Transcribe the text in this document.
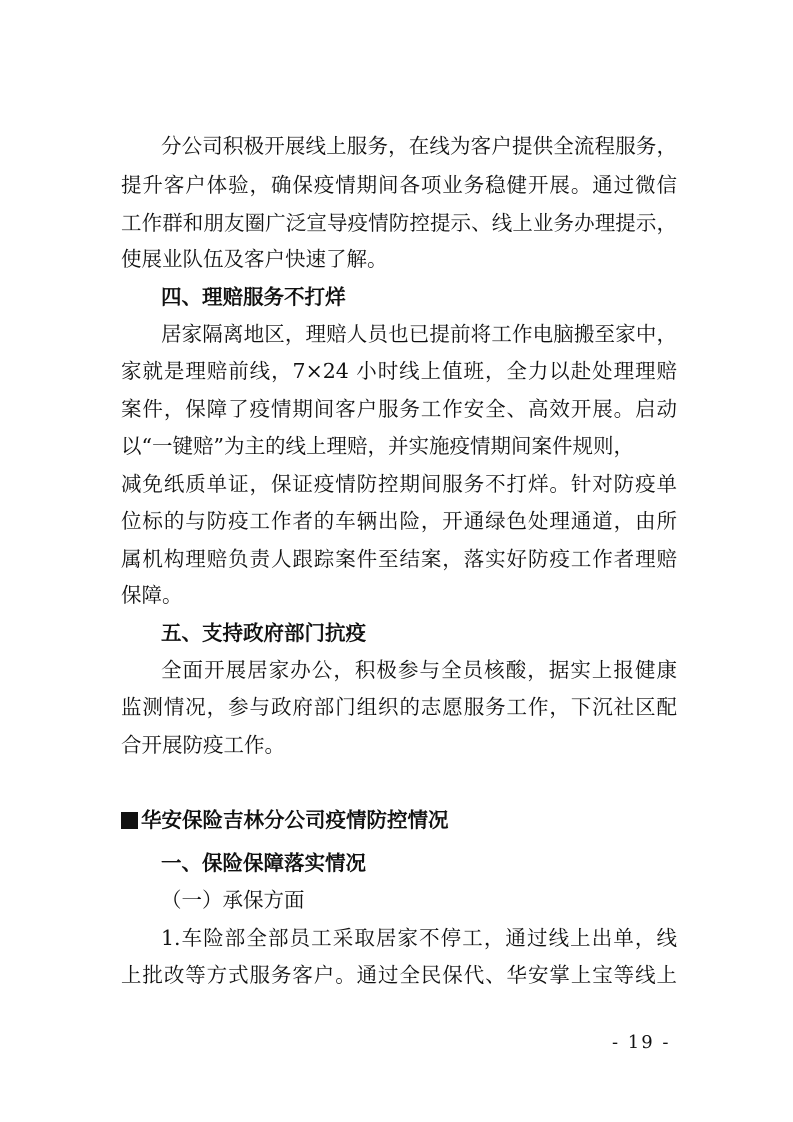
分公司积极开展线上服务，在线为客户提供全流程服务，
提升客户体验，确保疫情期间各项业务稳健开展。通过微信
工作群和朋友圈广泛宣导疫情防控提示、线上业务办理提示，
使展业队伍及客户快速了解。
四、理赔服务不打烊
居家隔离地区，理赔人员也已提前将工作电脑搬至家中，
家就是理赔前线，7×24 小时线上值班，全力以赴处理理赔
案件，保障了疫情期间客户服务工作安全、高效开展。启动
以“一键赔”为主的线上理赔，并实施疫情期间案件规则，
减免纸质单证，保证疫情防控期间服务不打烊。针对防疫单
位标的与防疫工作者的车辆出险，开通绿色处理通道，由所
属机构理赔负责人跟踪案件至结案，落实好防疫工作者理赔
保障。
五、支持政府部门抗疫
全面开展居家办公，积极参与全员核酸，据实上报健康
监测情况，参与政府部门组织的志愿服务工作，下沉社区配
合开展防疫工作。
华安保险吉林分公司疫情防控情况
一、保险保障落实情况
（一）承保方面
1.车险部全部员工采取居家不停工，通过线上出单，线
上批改等方式服务客户。通过全民保代、华安掌上宝等线上
- 19 -
